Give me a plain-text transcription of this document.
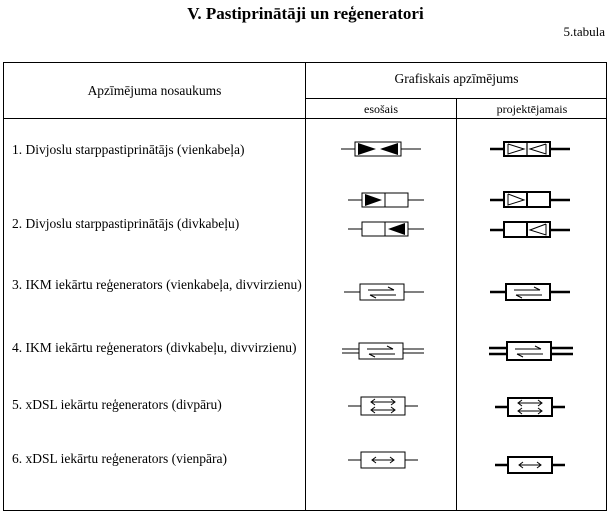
V. Pastiprinātāji un reģeneratori
5.tabula
Apzīmējuma nosaukums
Grafiskais apzīmējums
esošais	projektējamais
1. Divjoslu starppastiprinātājs (vienkabeļa)
2. Divjoslu starppastiprinātājs (divkabeļu)
3. IKM iekārtu reģenerators (vienkabeļa, divvirzienu)
4. IKM iekārtu reģenerators (divkabeļu, divvirzienu)
5. xDSL iekārtu reģenerators (divpāru)
6. xDSL iekārtu reģenerators (vienpāra)
